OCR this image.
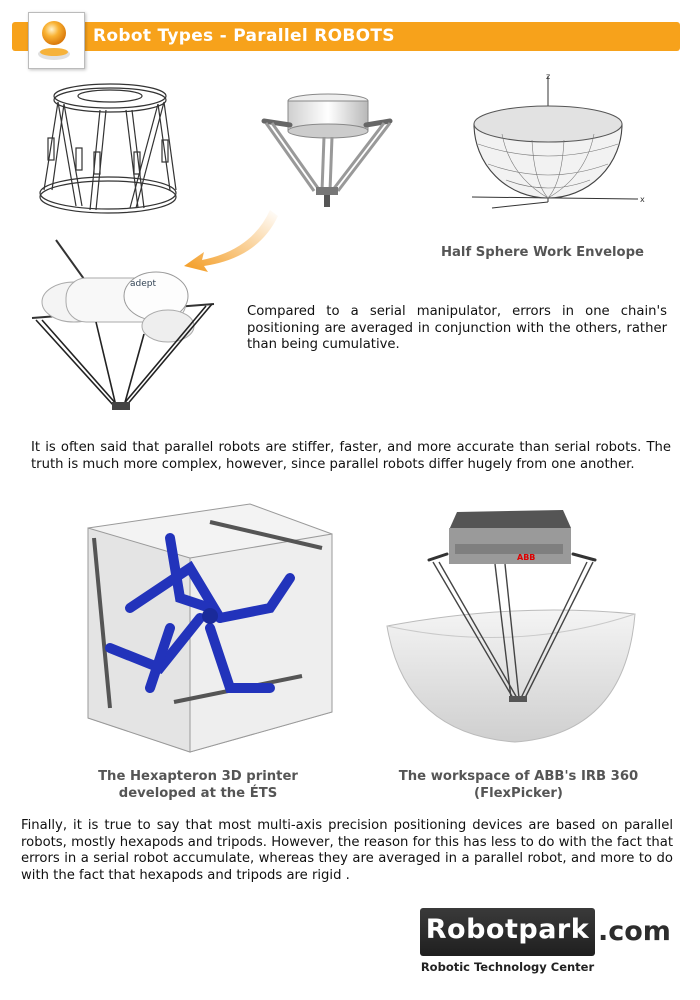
Robot Types - Parallel ROBOTS
z
x
Half Sphere Work Envelope
adept
Compared to a serial manipulator, errors in one chain's positioning are averaged in conjunction with the others, rather than being cumulative.
It is often said that parallel robots are stiffer, faster, and more accurate than serial robots. The truth is much more complex, however, since parallel robots differ hugely from one another.
The Hexapteron 3D printer
developed at the ÉTS
ABB
The workspace of ABB's IRB 360
(FlexPicker)
Finally, it is true to say that most multi-axis precision positioning devices are based on parallel robots, mostly hexapods and tripods. However, the reason for this has less to do with the fact that errors in a serial robot accumulate, whereas they are averaged in a parallel robot, and more to do with the fact that hexapods and tripods are rigid .
Robotpark .com
Robotic Technology Center
